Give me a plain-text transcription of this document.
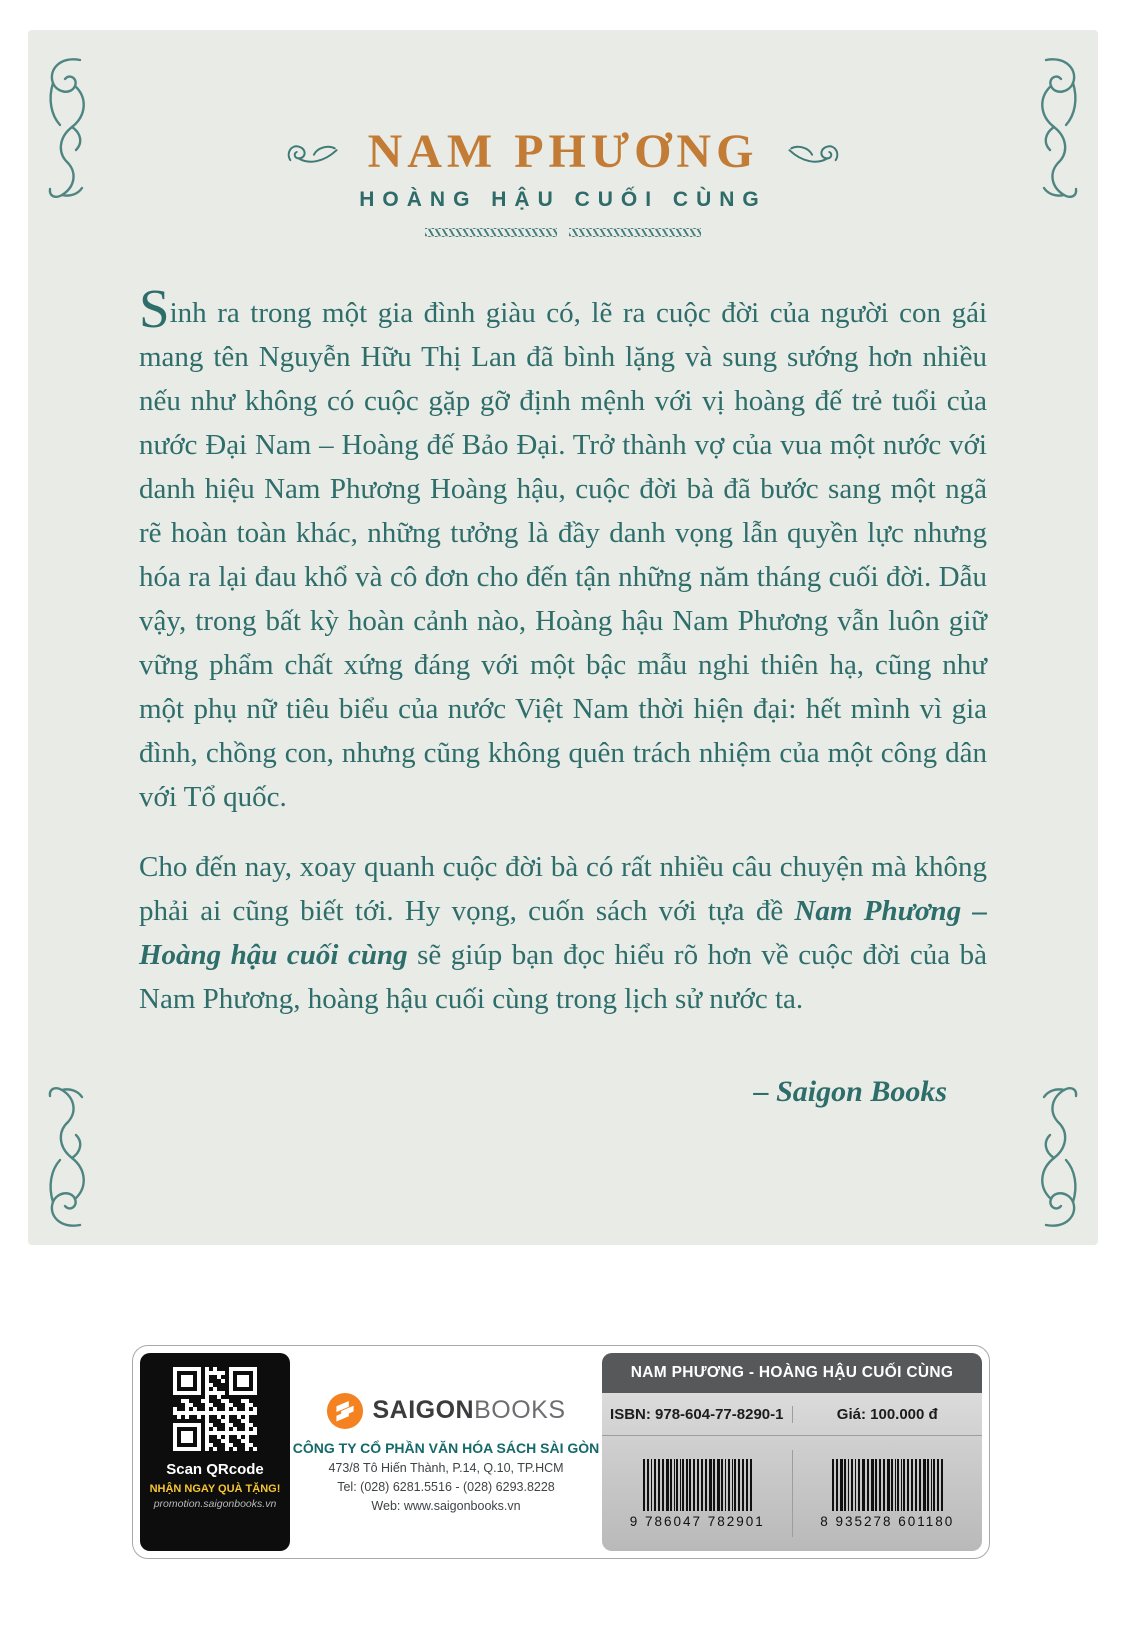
NAM PHƯƠNG
HOÀNG HẬU CUỐI CÙNG

Sinh ra trong một gia đình giàu có, lẽ ra cuộc đời của người con gái mang tên Nguyễn Hữu Thị Lan đã bình lặng và sung sướng hơn nhiều nếu như không có cuộc gặp gỡ định mệnh với vị hoàng đế trẻ tuổi của nước Đại Nam – Hoàng đế Bảo Đại. Trở thành vợ của vua một nước với danh hiệu Nam Phương Hoàng hậu, cuộc đời bà đã bước sang một ngã rẽ hoàn toàn khác, những tưởng là đầy danh vọng lẫn quyền lực nhưng hóa ra lại đau khổ và cô đơn cho đến tận những năm tháng cuối đời. Dẫu vậy, trong bất kỳ hoàn cảnh nào, Hoàng hậu Nam Phương vẫn luôn giữ vững phẩm chất xứng đáng với một bậc mẫu nghi thiên hạ, cũng như một phụ nữ tiêu biểu của nước Việt Nam thời hiện đại: hết mình vì gia đình, chồng con, nhưng cũng không quên trách nhiệm của một công dân với Tổ quốc.

Cho đến nay, xoay quanh cuộc đời bà có rất nhiều câu chuyện mà không phải ai cũng biết tới. Hy vọng, cuốn sách với tựa đề Nam Phương – Hoàng hậu cuối cùng sẽ giúp bạn đọc hiểu rõ hơn về cuộc đời của bà Nam Phương, hoàng hậu cuối cùng trong lịch sử nước ta.

– Saigon Books
Scan QRcode
NHẬN NGAY QUÀ TẶNG!
promotion.saigonbooks.vn
SAIGONBOOKS
CÔNG TY CỔ PHẦN VĂN HÓA SÁCH SÀI GÒN
473/8 Tô Hiến Thành, P.14, Q.10, TP.HCM
Tel: (028) 6281.5516 - (028) 6293.8228
Web: www.saigonbooks.vn
NAM PHƯƠNG - HOÀNG HẬU CUỐI CÙNG
ISBN: 978-604-77-8290-1	Giá: 100.000 đ
9 786047 782901	8 935278 601180
